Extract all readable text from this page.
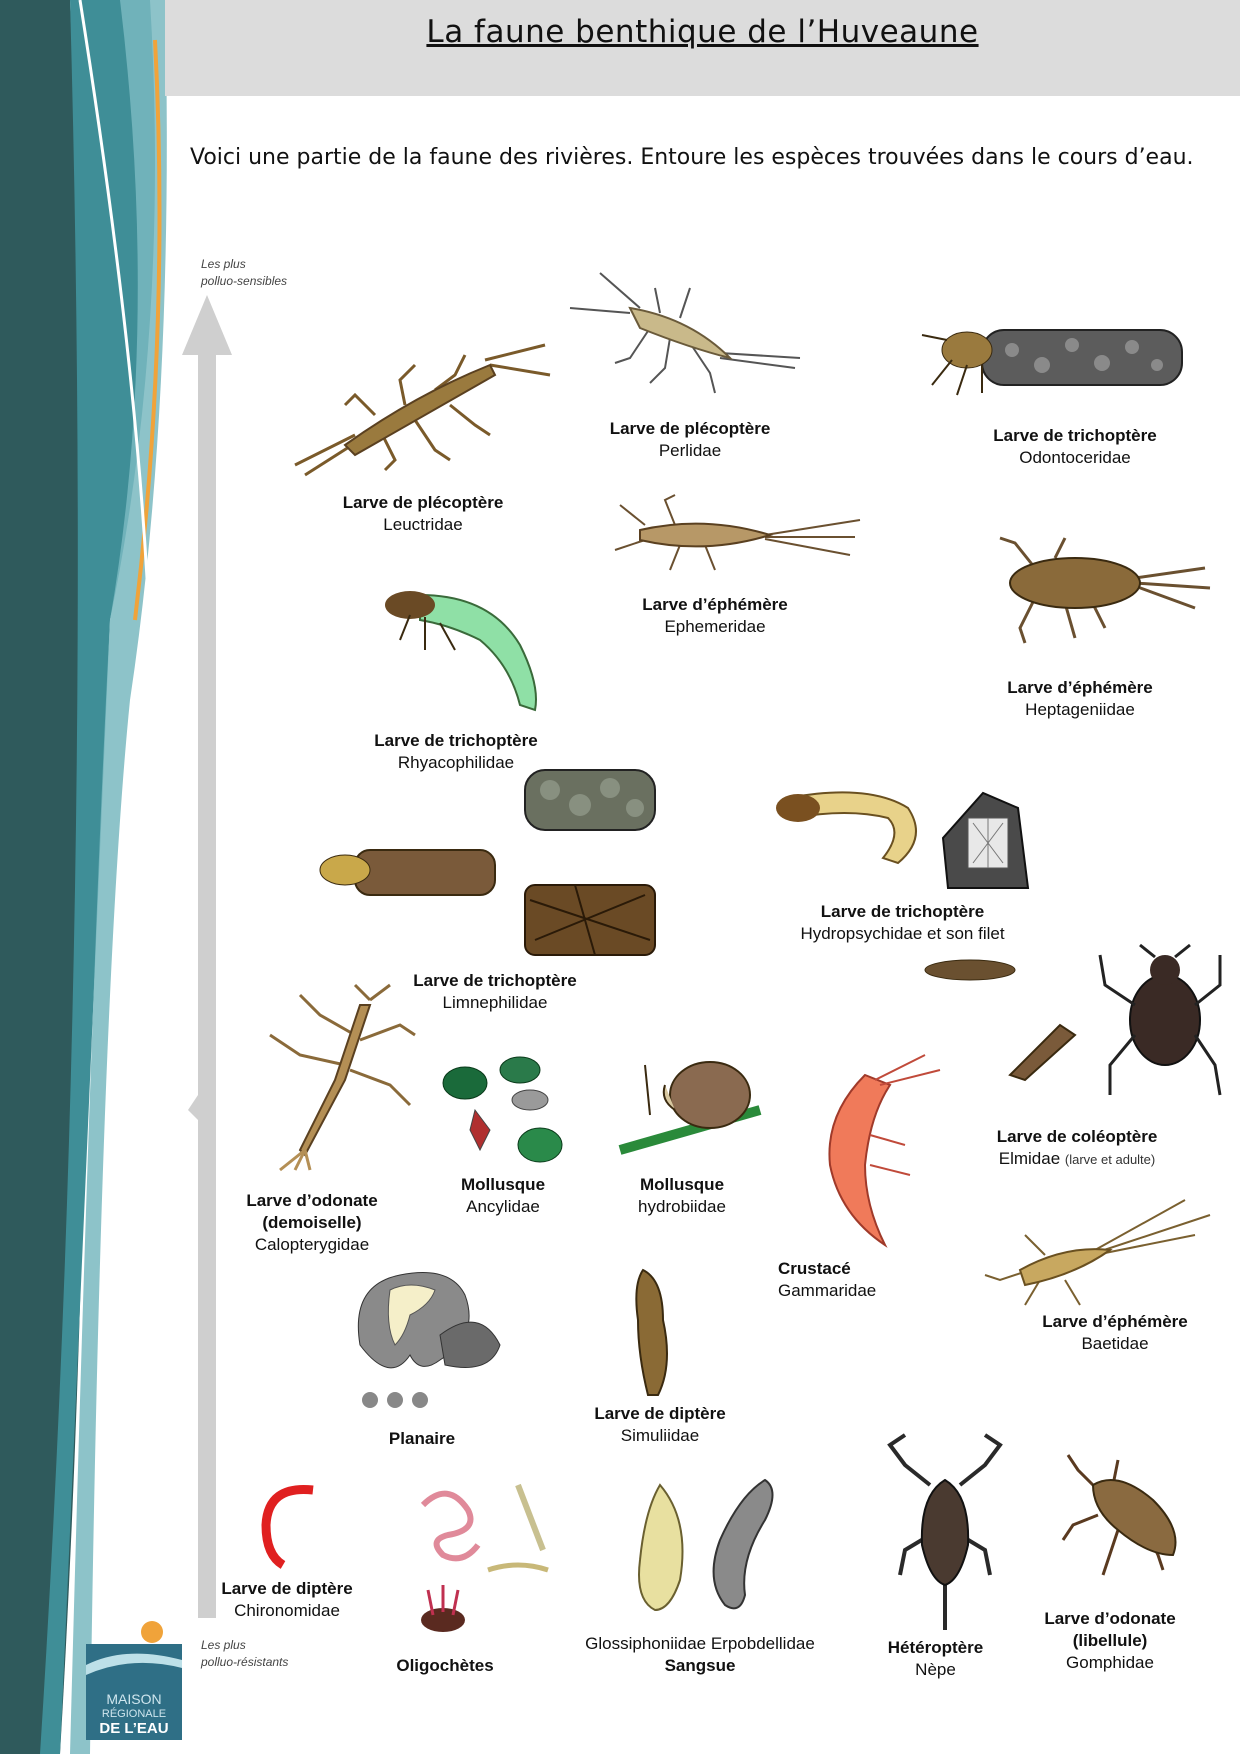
La faune benthique de l’Huveaune
Voici une partie de la faune des rivières. Entoure les espèces trouvées dans le cours d’eau.
Les plus
polluo-sensibles
Les plus
polluo-résistants
Larve de plécoptère
Leuctridae
Larve de plécoptère
Perlidae
Larve de trichoptère
Odontoceridae
Larve d’éphémère
Ephemeridae
Larve d’éphémère
Heptageniidae
Larve de trichoptère
Rhyacophilidae
Larve de trichoptère
Hydropsychidae et son filet
Larve de trichoptère
Limnephilidae
Larve d’odonate
(demoiselle)
Calopterygidae
Mollusque
Ancylidae
Mollusque
hydrobiidae
Crustacé
Gammaridae
Larve de coléoptère
Elmidae (larve et adulte)
Larve d’éphémère
Baetidae
Planaire
Larve de diptère
Simuliidae
Larve de diptère
Chironomidae
Oligochètes
Glossiphoniidae Erpobdellidae
Sangsue
Hétéroptère
Nèpe
Larve d’odonate
(libellule)
Gomphidae
MAISON
RÉGIONALE
DE L’EAU
